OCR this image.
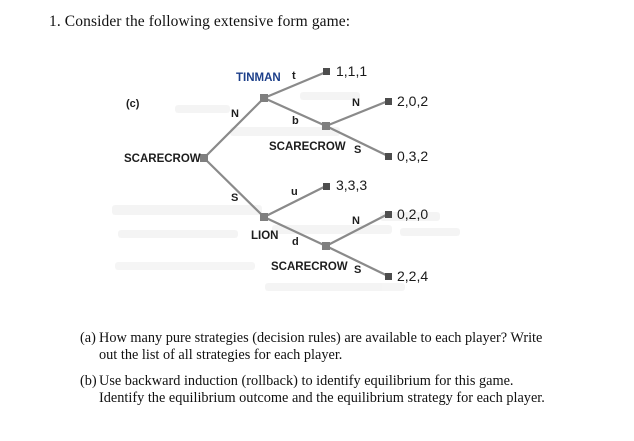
1. Consider the following extensive form game:
(c)
SCARECROW
TINMAN
SCARECROW
LION
SCARECROW
N
S
t
b
N
S
u
d
N
S
1,1,1
2,0,2
0,3,2
3,3,3
0,2,0
2,2,4
(a) How many pure strategies (decision rules) are available to each player? Write out the list of all strategies for each player.
(b) Use backward induction (rollback) to identify equilibrium for this game. Identify the equilibrium outcome and the equilibrium strategy for each player.
